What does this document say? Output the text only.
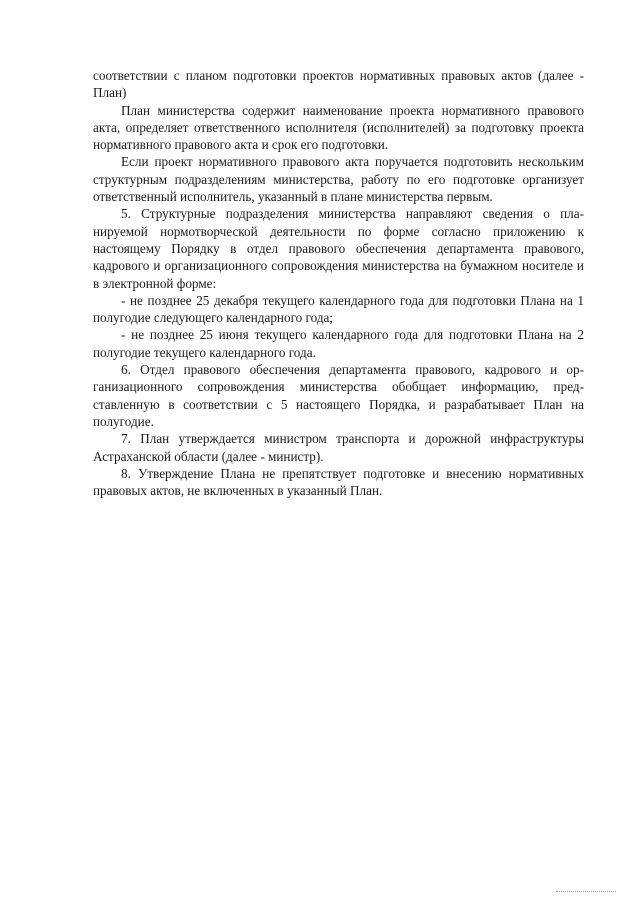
соответствии с планом подготовки проектов нормативных правовых актов (далее - План)

План министерства содержит наименование проекта нормативного правового акта, определяет ответственного исполнителя (исполнителей) за подготовку проекта нормативного правового акта и срок его подготовки.

Если проект нормативного правового акта поручается подготовить нескольким структурным подразделениям министерства, работу по его подготовке организует ответственный исполнитель, указанный в плане министерства первым.

5. Структурные подразделения министерства направляют сведения о планируемой нормотворческой деятельности по форме согласно приложению к настоящему Порядку в отдел правового обеспечения департамента правового, кадрового и организационного сопровождения министерства на бумажном носителе и в электронной форме:

- не позднее 25 декабря текущего календарного года для подготовки Плана на 1 полугодие следующего календарного года;

- не позднее 25 июня текущего календарного года для подготовки Плана на 2 полугодие текущего календарного года.

6. Отдел правового обеспечения департамента правового, кадрового и организационного сопровождения министерства обобщает информацию, представленную в соответствии с 5 настоящего Порядка, и разрабатывает План на полугодие.

7. План утверждается министром транспорта и дорожной инфраструктуры Астраханской области (далее - министр).

8. Утверждение Плана не препятствует подготовке и внесению нормативных правовых актов, не включенных в указанный План.
